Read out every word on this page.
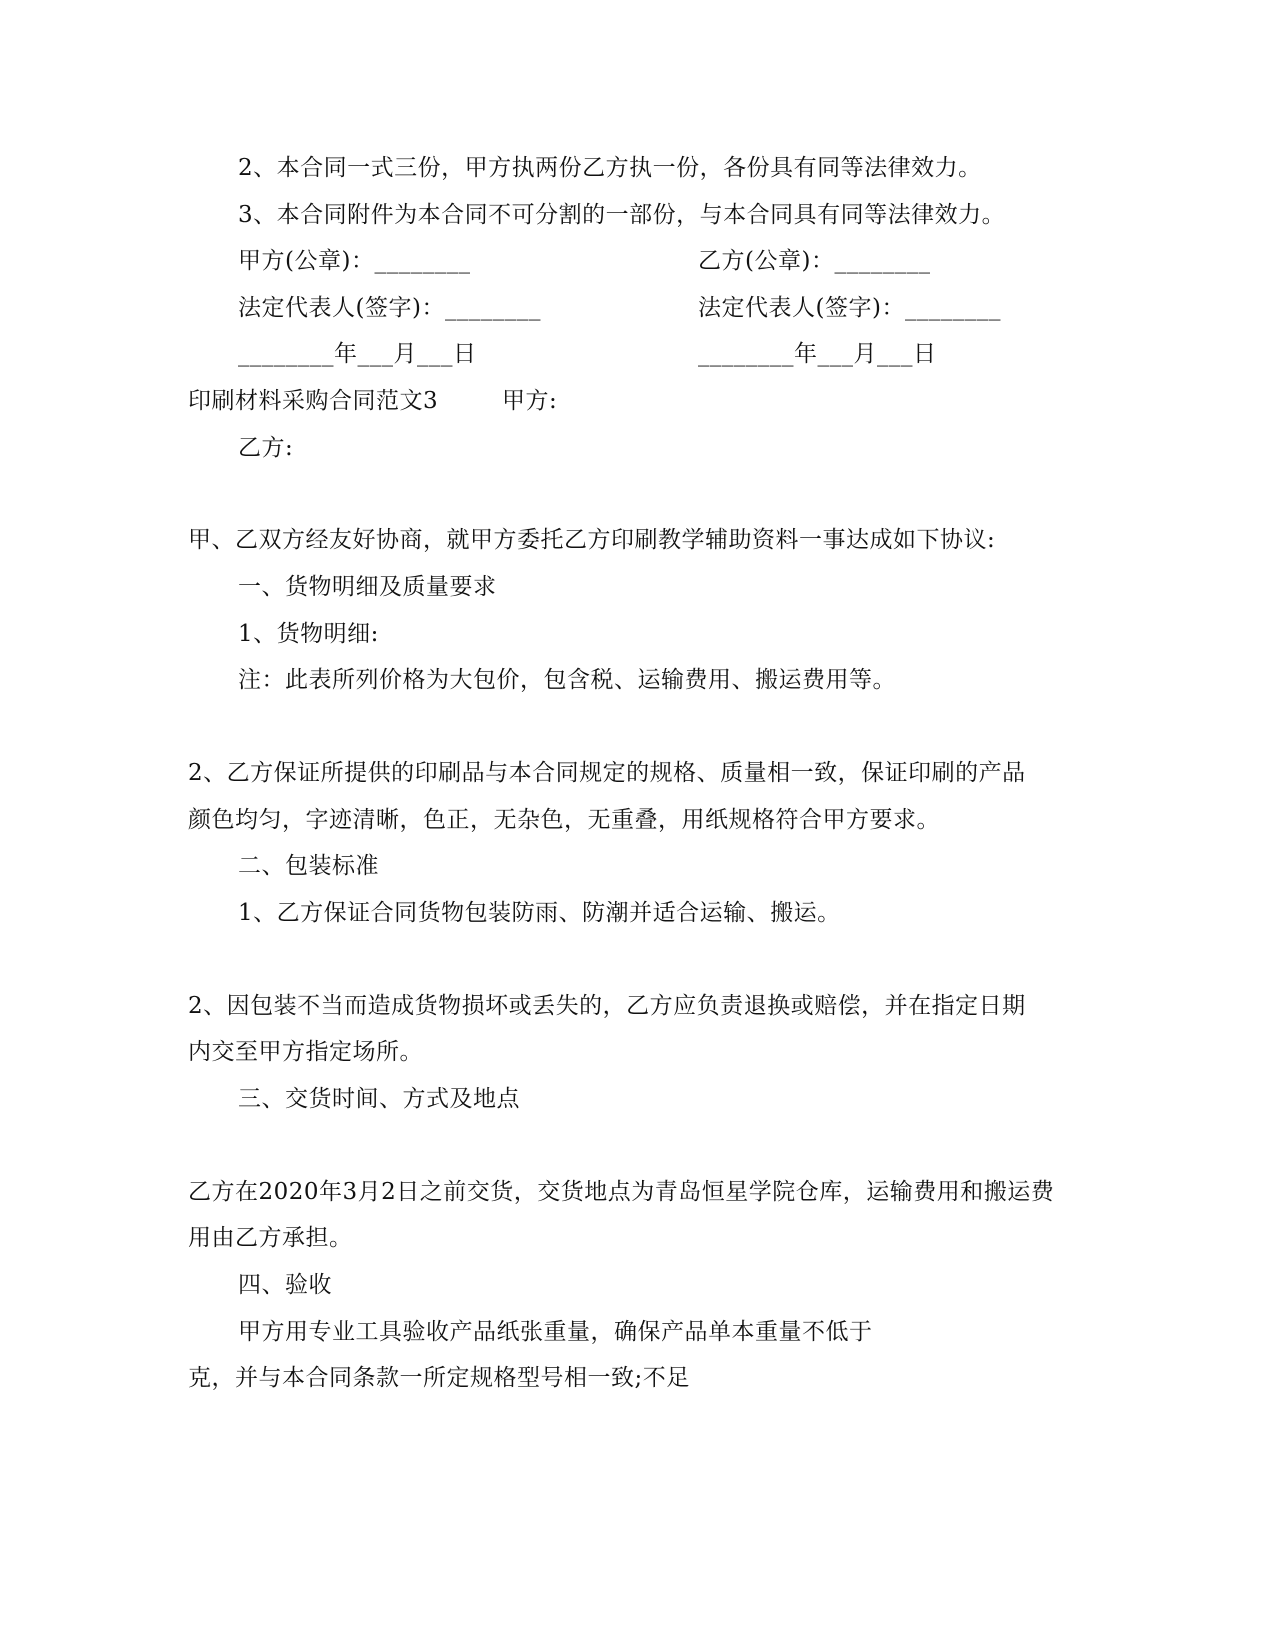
2、本合同一式三份，甲方执两份乙方执一份，各份具有同等法律效力。
3、本合同附件为本合同不可分割的一部份，与本合同具有同等法律效力。
甲方(公章)：________	乙方(公章)：________
法定代表人(签字)：________	法定代表人(签字)：________
________年___月___日	________年___月___日
印刷材料采购合同范文3	甲方:
乙方:
甲、乙双方经友好协商，就甲方委托乙方印刷教学辅助资料一事达成如下协议:
一、货物明细及质量要求
1、货物明细:
注：此表所列价格为大包价，包含税、运输费用、搬运费用等。
2、乙方保证所提供的印刷品与本合同规定的规格、质量相一致，保证印刷的产品
颜色均匀，字迹清晰，色正，无杂色，无重叠，用纸规格符合甲方要求。
二、包装标准
1、乙方保证合同货物包装防雨、防潮并适合运输、搬运。
2、因包装不当而造成货物损坏或丢失的，乙方应负责退换或赔偿，并在指定日期
内交至甲方指定场所。
三、交货时间、方式及地点
乙方在2020年3月2日之前交货，交货地点为青岛恒星学院仓库，运输费用和搬运费
用由乙方承担。
四、验收
甲方用专业工具验收产品纸张重量，确保产品单本重量不低于
克，并与本合同条款一所定规格型号相一致;不足
